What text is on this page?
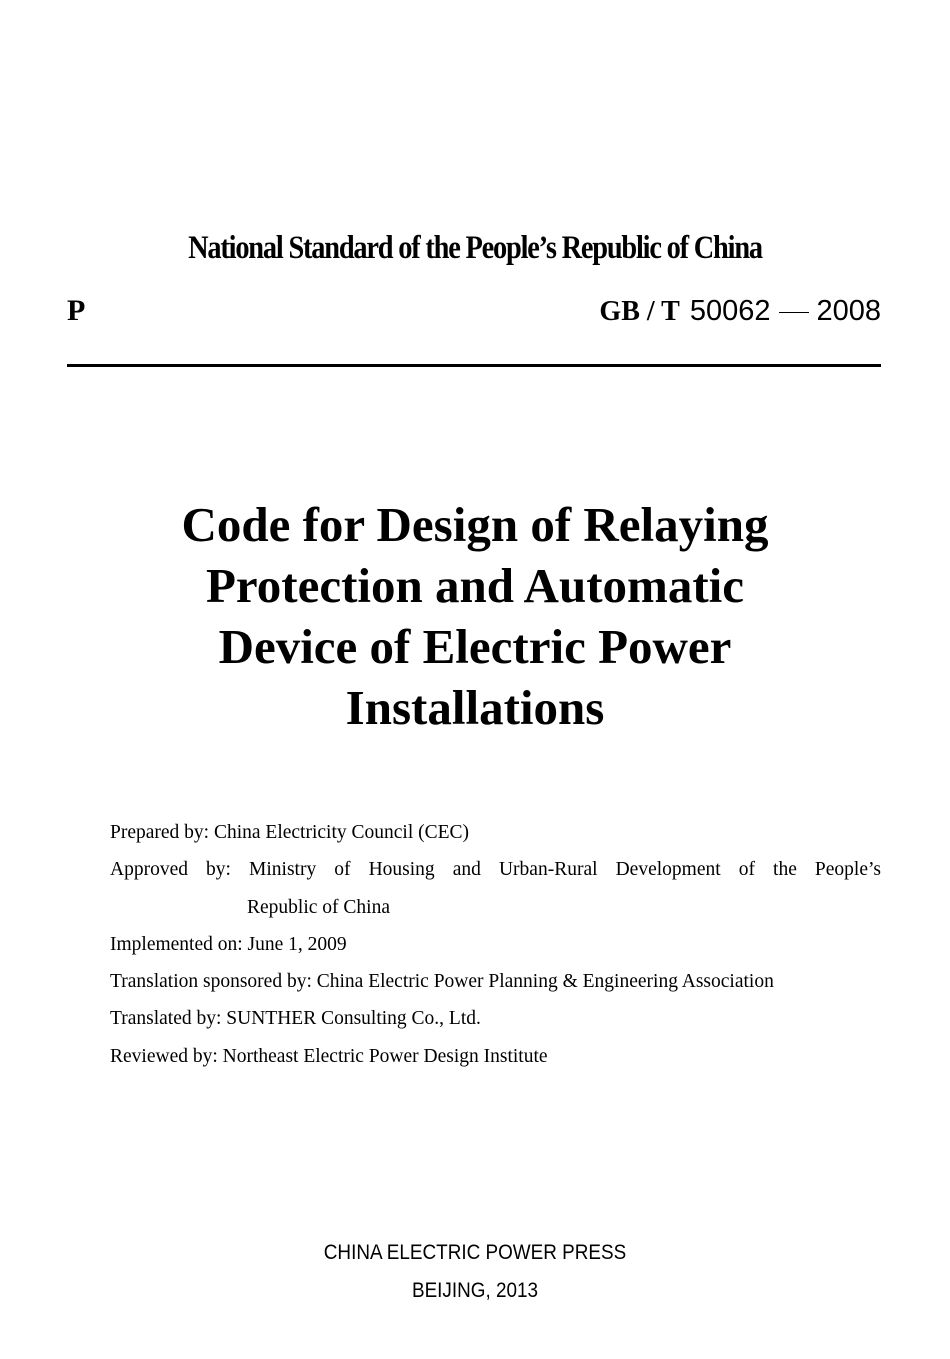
National Standard of the People’s Republic of China
P	GB / T 50062 2008
Code for Design of Relaying
Protection and Automatic
Device of Electric Power
Installations
Prepared by: China Electricity Council (CEC)
Approved by: Ministry of Housing and Urban-Rural Development of the People’s
Republic of China
Implemented on: June 1, 2009
Translation sponsored by: China Electric Power Planning & Engineering Association
Translated by: SUNTHER Consulting Co., Ltd.
Reviewed by: Northeast Electric Power Design Institute
CHINA ELECTRIC POWER PRESS
BEIJING, 2013
